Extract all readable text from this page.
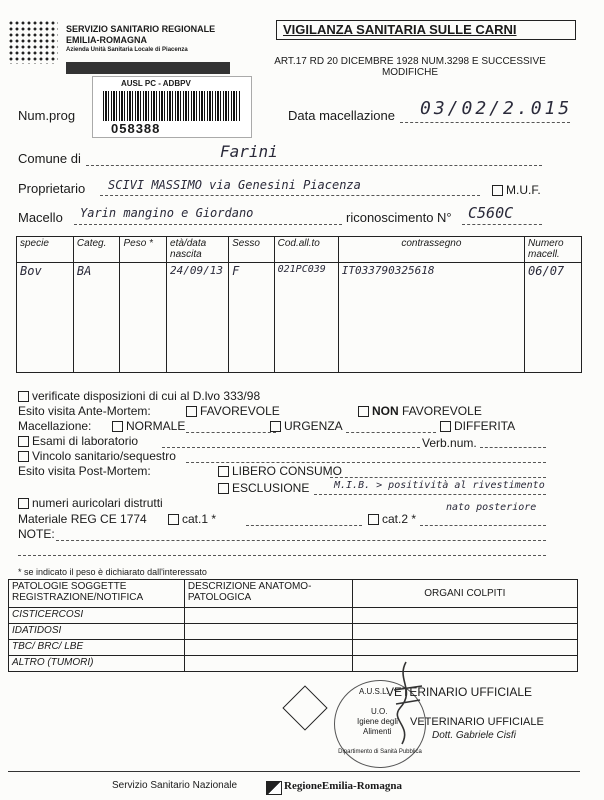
SERVIZIO SANITARIO REGIONALE
EMILIA-ROMAGNA
Azienda Unità Sanitaria Locale di Piacenza
AUSL PC - ADBPV
058388
VIGILANZA SANITARIA SULLE CARNI
ART.17 RD 20 DICEMBRE 1928 NUM.3298 E SUCCESSIVE MODIFICHE
Num.prog	Data macellazione 03/02/2.015
Comune di	Farini
Proprietario SCIVI MASSIMO via Genesini Piacenza	M.U.F.
Macello Yarin mangino e Giordano	riconoscimento N° C560C
specie	Categ.	Peso *	età/data nascita	Sesso	Cod.all.to	contrassegno	Numero macell.
Bov	BA		24/09/13	F	021PC039	IT033790325618	06/07
verificate disposizioni di cui al D.lvo 333/98
Esito visita Ante-Mortem:	FAVOREVOLE	NON FAVOREVOLE
Macellazione:	NORMALE	URGENZA	DIFFERITA
Esami di laboratorio	Verb.num.
Vincolo sanitario/sequestro
Esito visita Post-Mortem:	LIBERO CONSUMO
ESCLUSIONE M.I.B. > positività al rivestimento
nato posteriore
numeri auricolari distrutti
Materiale REG CE 1774	cat.1 *	cat.2 *
NOTE:
* se indicato il peso è dichiarato dall'interessato
PATOLOGIE SOGGETTE REGISTRAZIONE/NOTIFICA	DESCRIZIONE ANATOMO-PATOLOGICA	ORGANI COLPITI
CISTICERCOSI		
IDATIDOSI		
TBC/ BRC/ LBE		
ALTRO (TUMORI)		
A.U.S.L.
U.O.
Igiene degli
Alimenti
Dipartimento di Sanità Pubblica
VETERINARIO UFFICIALE
VETERINARIO UFFICIALE
Dott. Gabriele Cisfi
Servizio Sanitario Nazionale	RegioneEmilia-Romagna
